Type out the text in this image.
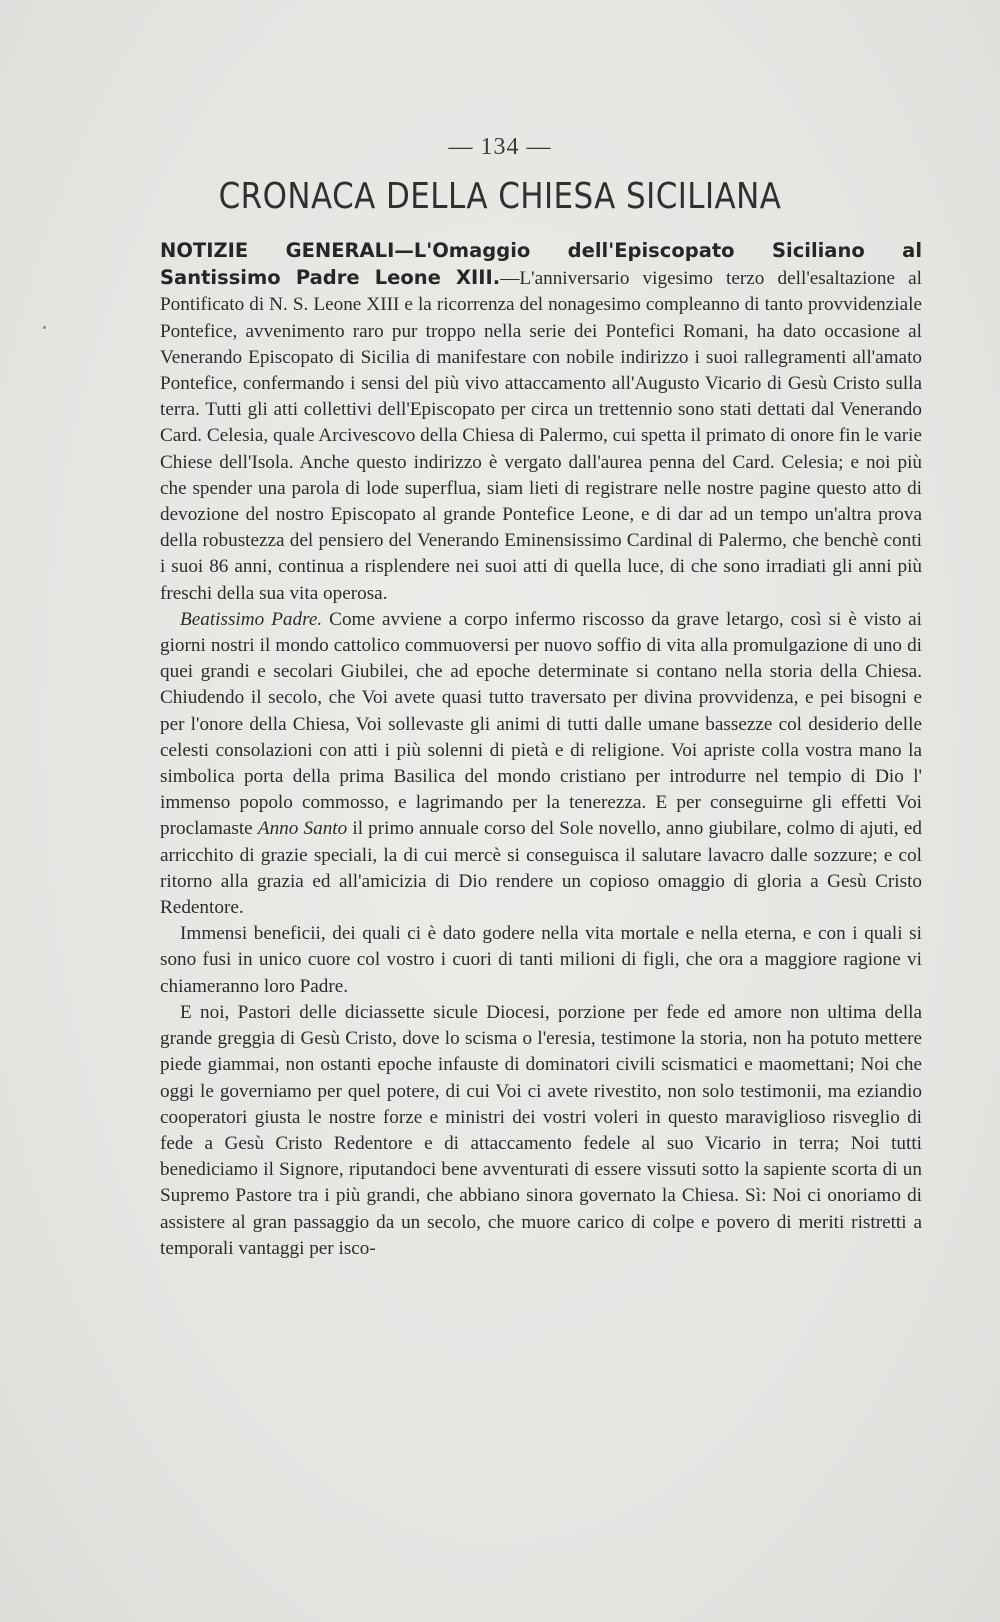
— 134 —
CRONACA DELLA CHIESA SICILIANA

NOTIZIE GENERALI—L'Omaggio dell'Episcopato Siciliano al Santissimo Padre Leone XIII.—L'anniversario vigesimo terzo dell'esaltazione al Pontificato di N. S. Leone XIII e la ricorrenza del nonagesimo compleanno di tanto provvidenziale Pontefice, avvenimento raro pur troppo nella serie dei Pontefici Romani, ha dato occasione al Venerando Episcopato di Sicilia di manifestare con nobile indirizzo i suoi rallegramenti all'amato Pontefice, confermando i sensi del più vivo attaccamento all'Augusto Vicario di Gesù Cristo sulla terra. Tutti gli atti collettivi dell'Episcopato per circa un trettennio sono stati dettati dal Venerando Card. Celesia, quale Arcivescovo della Chiesa di Palermo, cui spetta il primato di onore fin le varie Chiese dell'Isola. Anche questo indirizzo è vergato dall'aurea penna del Card. Celesia; e noi più che spender una parola di lode superflua, siam lieti di registrare nelle nostre pagine questo atto di devozione del nostro Episcopato al grande Pontefice Leone, e di dar ad un tempo un'altra prova della robustezza del pensiero del Venerando Eminensissimo Cardinal di Palermo, che benchè conti i suoi 86 anni, continua a risplendere nei suoi atti di quella luce, di che sono irradiati gli anni più freschi della sua vita operosa.

Beatissimo Padre. Come avviene a corpo infermo riscosso da grave letargo, così si è visto ai giorni nostri il mondo cattolico commuoversi per nuovo soffio di vita alla promulgazione di uno di quei grandi e secolari Giubilei, che ad epoche determinate si contano nella storia della Chiesa. Chiudendo il secolo, che Voi avete quasi tutto traversato per divina provvidenza, e pei bisogni e per l'onore della Chiesa, Voi sollevaste gli animi di tutti dalle umane bassezze col desiderio delle celesti consolazioni con atti i più solenni di pietà e di religione. Voi apriste colla vostra mano la simbolica porta della prima Basilica del mondo cristiano per introdurre nel tempio di Dio l' immenso popolo commosso, e lagrimando per la tenerezza. E per conseguirne gli effetti Voi proclamaste Anno Santo il primo annuale corso del Sole novello, anno giubilare, colmo di ajuti, ed arricchito di grazie speciali, la di cui mercè si conseguisca il salutare lavacro dalle sozzure; e col ritorno alla grazia ed all'amicizia di Dio rendere un copioso omaggio di gloria a Gesù Cristo Redentore.

Immensi beneficii, dei quali ci è dato godere nella vita mortale e nella eterna, e con i quali si sono fusi in unico cuore col vostro i cuori di tanti milioni di figli, che ora a maggiore ragione vi chiameranno loro Padre.

E noi, Pastori delle diciassette sicule Diocesi, porzione per fede ed amore non ultima della grande greggia di Gesù Cristo, dove lo scisma o l'eresia, testimone la storia, non ha potuto mettere piede giammai, non ostanti epoche infauste di dominatori civili scismatici e maomettani; Noi che oggi le governiamo per quel potere, di cui Voi ci avete rivestito, non solo testimonii, ma eziandio cooperatori giusta le nostre forze e ministri dei vostri voleri in questo maraviglioso risveglio di fede a Gesù Cristo Redentore e di attaccamento fedele al suo Vicario in terra; Noi tutti benediciamo il Signore, riputandoci bene avventurati di essere vissuti sotto la sapiente scorta di un Supremo Pastore tra i più grandi, che abbiano sinora governato la Chiesa. Sì: Noi ci onoriamo di assistere al gran passaggio da un secolo, che muore carico di colpe e povero di meriti ristretti a temporali vantaggi per isco-
